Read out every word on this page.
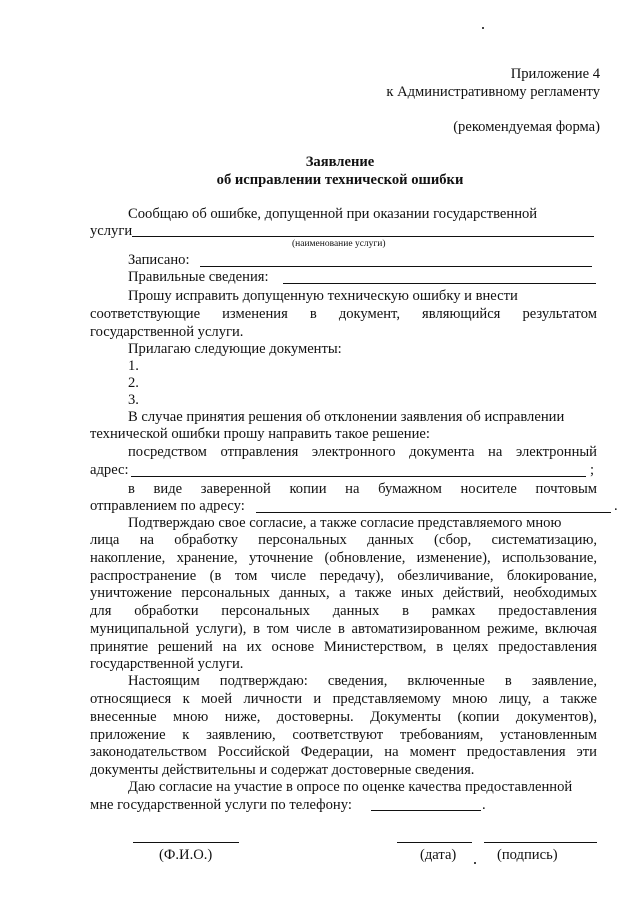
Приложение 4
к Административному регламенту
(рекомендуемая форма)
Заявление
об исправлении технической ошибки
Сообщаю об ошибке, допущенной при оказании государственной
услуги
(наименование услуги)
Записано:
Правильные сведения:
Прошу исправить допущенную техническую ошибку и внести
соответствующие изменения в документ, являющийся результатом
государственной услуги.
Прилагаю следующие документы:
1.
2.
3.
В случае принятия решения об отклонении заявления об исправлении
технической ошибки прошу направить такое решение:
посредством отправления электронного документа на электронный
адрес:	;
в виде заверенной копии на бумажном носителе почтовым
отправлением по адресу:	.
Подтверждаю свое согласие, а также согласие представляемого мною
лица на обработку персональных данных (сбор, систематизацию,
накопление, хранение, уточнение (обновление, изменение), использование,
распространение (в том числе передачу), обезличивание, блокирование,
уничтожение персональных данных, а также иных действий, необходимых
для обработки персональных данных в рамках предоставления
муниципальной услуги), в том числе в автоматизированном режиме, включая
принятие решений на их основе Министерством, в целях предоставления
государственной услуги.
Настоящим подтверждаю: сведения, включенные в заявление,
относящиеся к моей личности и представляемому мною лицу, а также
внесенные мною ниже, достоверны. Документы (копии документов),
приложение к заявлению, соответствуют требованиям, установленным
законодательством Российской Федерации, на момент предоставления эти
документы действительны и содержат достоверные сведения.
Даю согласие на участие в опросе по оценке качества предоставленной
мне государственной услуги по телефону:	.
(Ф.И.О.)	(дата)	(подпись)
